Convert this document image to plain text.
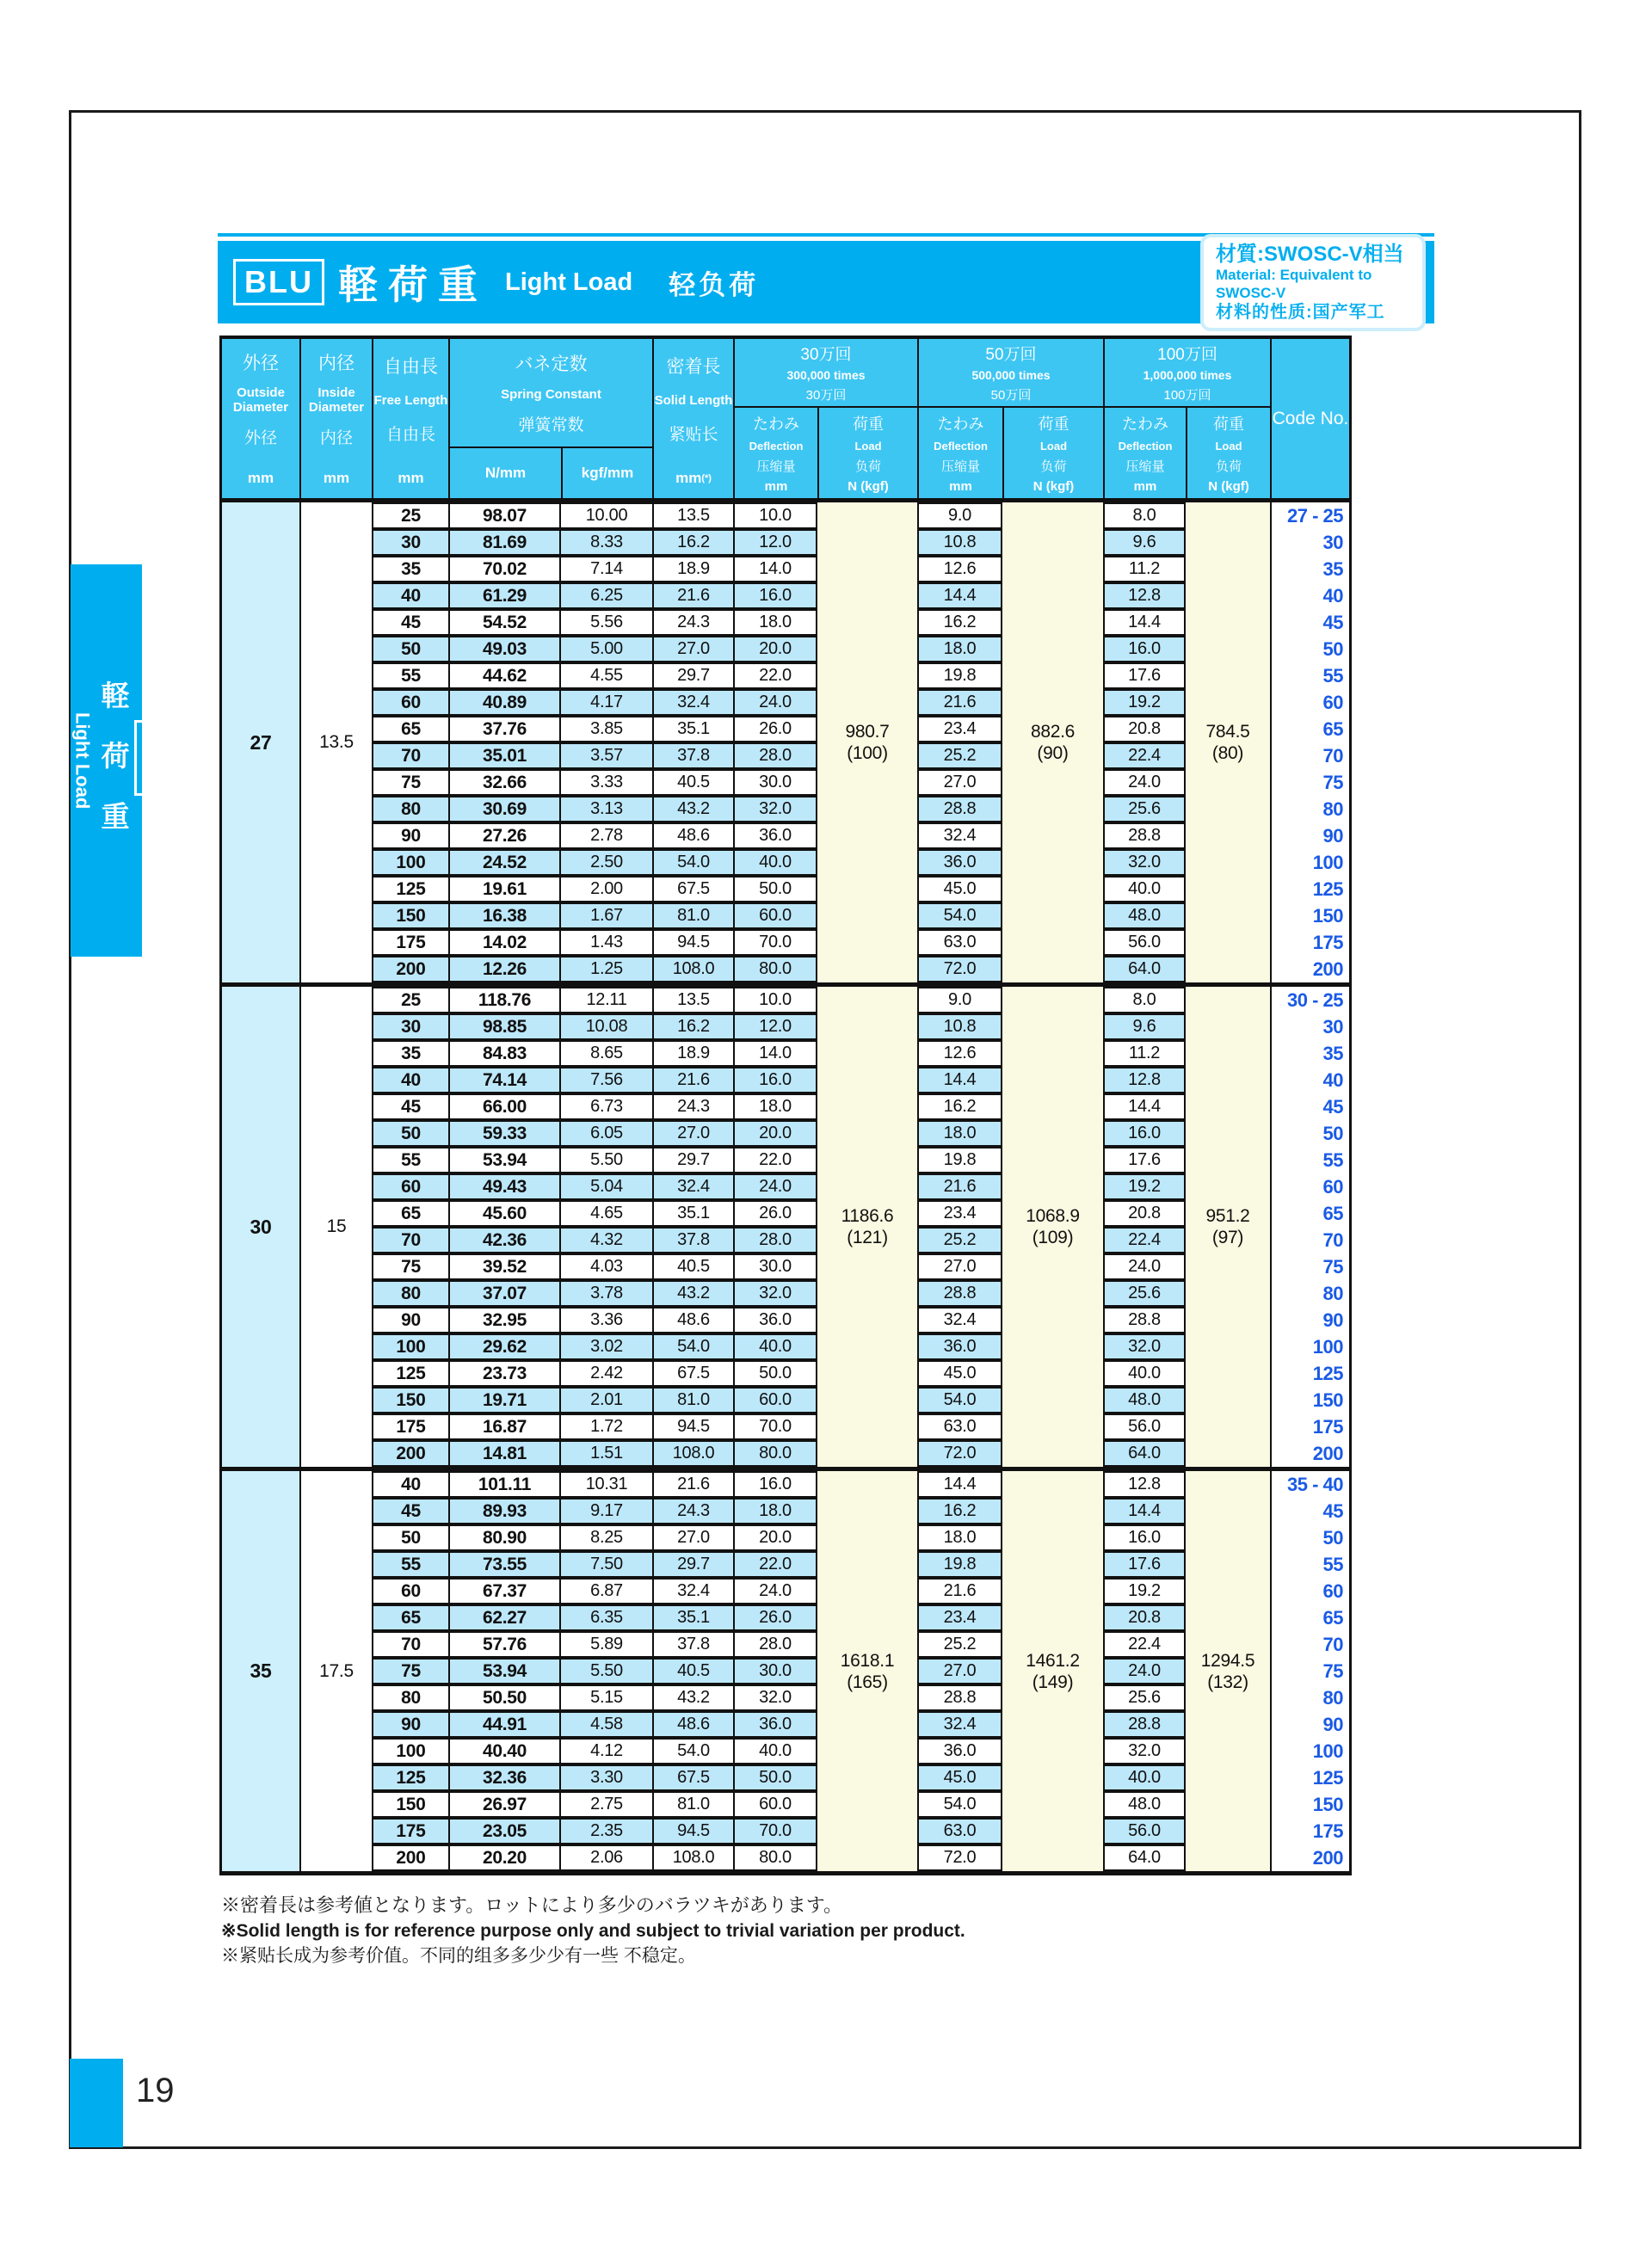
BLU 軽荷重 Light Load 轻负荷
材質:SWOSC-V相当
Material: Equivalent to SWOSC-V
材料的性质:国产军工
BLU
軽 荷 重
Light Load
轻负荷
外径
Outside Diameter
外径
mm
内径
Inside Diameter
内径
mm
自由長
Free Length
自由長
mm
バネ定数
Spring Constant
弹簧常数
N/mm	kgf/mm
密着長
Solid Length
紧贴长
mm (*)
30万回
300,000 times
30万回
たわみ
Deflection
压缩量
mm
荷重
Load
负荷
N (kgf)
50万回
500,000 times
50万回
たわみ
Deflection
压缩量
mm
荷重
Load
负荷
N (kgf)
100万回
1,000,000 times
100万回
たわみ
Deflection
压缩量
mm
荷重
Load
负荷
N (kgf)
Code No.
27	13.5
980.7
(100)
882.6
(90)
784.5
(80)
25	98.07	10.00	13.5	10.0	9.0	8.0	27 - 25
30	81.69	8.33	16.2	12.0	10.8	9.6	30
35	70.02	7.14	18.9	14.0	12.6	11.2	35
40	61.29	6.25	21.6	16.0	14.4	12.8	40
45	54.52	5.56	24.3	18.0	16.2	14.4	45
50	49.03	5.00	27.0	20.0	18.0	16.0	50
55	44.62	4.55	29.7	22.0	19.8	17.6	55
60	40.89	4.17	32.4	24.0	21.6	19.2	60
65	37.76	3.85	35.1	26.0	23.4	20.8	65
70	35.01	3.57	37.8	28.0	25.2	22.4	70
75	32.66	3.33	40.5	30.0	27.0	24.0	75
80	30.69	3.13	43.2	32.0	28.8	25.6	80
90	27.26	2.78	48.6	36.0	32.4	28.8	90
100	24.52	2.50	54.0	40.0	36.0	32.0	100
125	19.61	2.00	67.5	50.0	45.0	40.0	125
150	16.38	1.67	81.0	60.0	54.0	48.0	150
175	14.02	1.43	94.5	70.0	63.0	56.0	175
200	12.26	1.25	108.0	80.0	72.0	64.0	200
30	15
1186.6
(121)
1068.9
(109)
951.2
(97)
25	118.76	12.11	13.5	10.0	9.0	8.0	30 - 25
30	98.85	10.08	16.2	12.0	10.8	9.6	30
35	84.83	8.65	18.9	14.0	12.6	11.2	35
40	74.14	7.56	21.6	16.0	14.4	12.8	40
45	66.00	6.73	24.3	18.0	16.2	14.4	45
50	59.33	6.05	27.0	20.0	18.0	16.0	50
55	53.94	5.50	29.7	22.0	19.8	17.6	55
60	49.43	5.04	32.4	24.0	21.6	19.2	60
65	45.60	4.65	35.1	26.0	23.4	20.8	65
70	42.36	4.32	37.8	28.0	25.2	22.4	70
75	39.52	4.03	40.5	30.0	27.0	24.0	75
80	37.07	3.78	43.2	32.0	28.8	25.6	80
90	32.95	3.36	48.6	36.0	32.4	28.8	90
100	29.62	3.02	54.0	40.0	36.0	32.0	100
125	23.73	2.42	67.5	50.0	45.0	40.0	125
150	19.71	2.01	81.0	60.0	54.0	48.0	150
175	16.87	1.72	94.5	70.0	63.0	56.0	175
200	14.81	1.51	108.0	80.0	72.0	64.0	200
35	17.5
1618.1
(165)
1461.2
(149)
1294.5
(132)
40	101.11	10.31	21.6	16.0	14.4	12.8	35 - 40
45	89.93	9.17	24.3	18.0	16.2	14.4	45
50	80.90	8.25	27.0	20.0	18.0	16.0	50
55	73.55	7.50	29.7	22.0	19.8	17.6	55
60	67.37	6.87	32.4	24.0	21.6	19.2	60
65	62.27	6.35	35.1	26.0	23.4	20.8	65
70	57.76	5.89	37.8	28.0	25.2	22.4	70
75	53.94	5.50	40.5	30.0	27.0	24.0	75
80	50.50	5.15	43.2	32.0	28.8	25.6	80
90	44.91	4.58	48.6	36.0	32.4	28.8	90
100	40.40	4.12	54.0	40.0	36.0	32.0	100
125	32.36	3.30	67.5	50.0	45.0	40.0	125
150	26.97	2.75	81.0	60.0	54.0	48.0	150
175	23.05	2.35	94.5	70.0	63.0	56.0	175
200	20.20	2.06	108.0	80.0	72.0	64.0	200
※密着長は参考値となります。ロットにより多少のバラツキがあります。
※Solid length is for reference purpose only and subject to trivial variation per product.
※紧贴长成为参考价值。不同的组多多少少有一些 不稳定。
19
